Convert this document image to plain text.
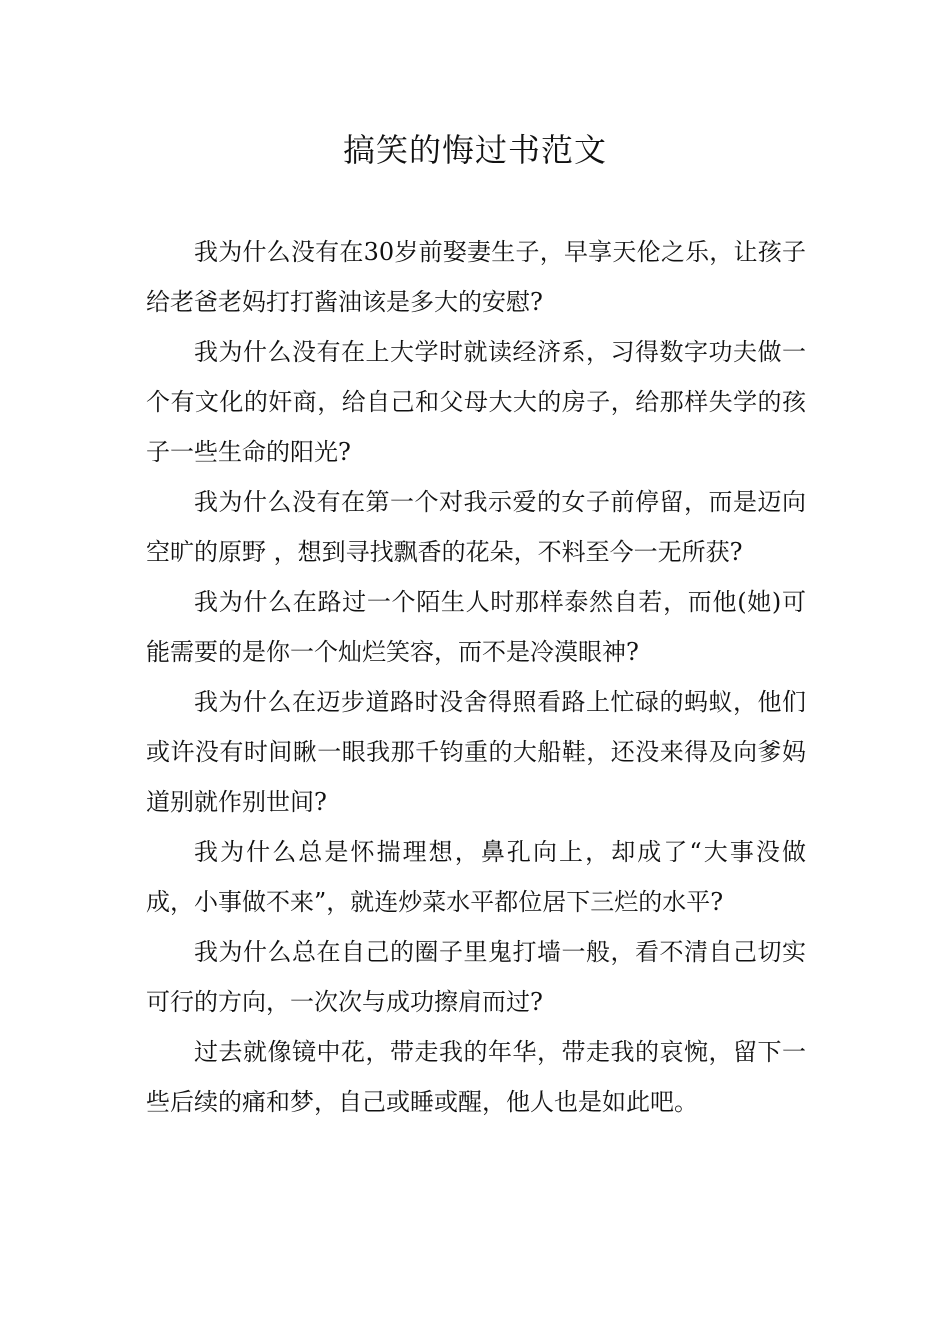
搞笑的悔过书范文

我为什么没有在30岁前娶妻生子，早享天伦之乐，让孩子给老爸老妈打打酱油该是多大的安慰?

我为什么没有在上大学时就读经济系，习得数字功夫做一个有文化的奸商，给自己和父母大大的房子，给那样失学的孩子一些生命的阳光?

我为什么没有在第一个对我示爱的女子前停留，而是迈向空旷的原野 ，想到寻找飘香的花朵，不料至今一无所获?

我为什么在路过一个陌生人时那样泰然自若，而他(她)可能需要的是你一个灿烂笑容，而不是冷漠眼神?

我为什么在迈步道路时没舍得照看路上忙碌的蚂蚁，他们或许没有时间瞅一眼我那千钧重的大船鞋，还没来得及向爹妈道别就作别世间?

我为什么总是怀揣理想，鼻孔向上，却成了“大事没做成，小事做不来”，就连炒菜水平都位居下三烂的水平?

我为什么总在自己的圈子里鬼打墙一般，看不清自己切实可行的方向，一次次与成功擦肩而过?

过去就像镜中花，带走我的年华，带走我的哀惋，留下一些后续的痛和梦，自己或睡或醒，他人也是如此吧。
